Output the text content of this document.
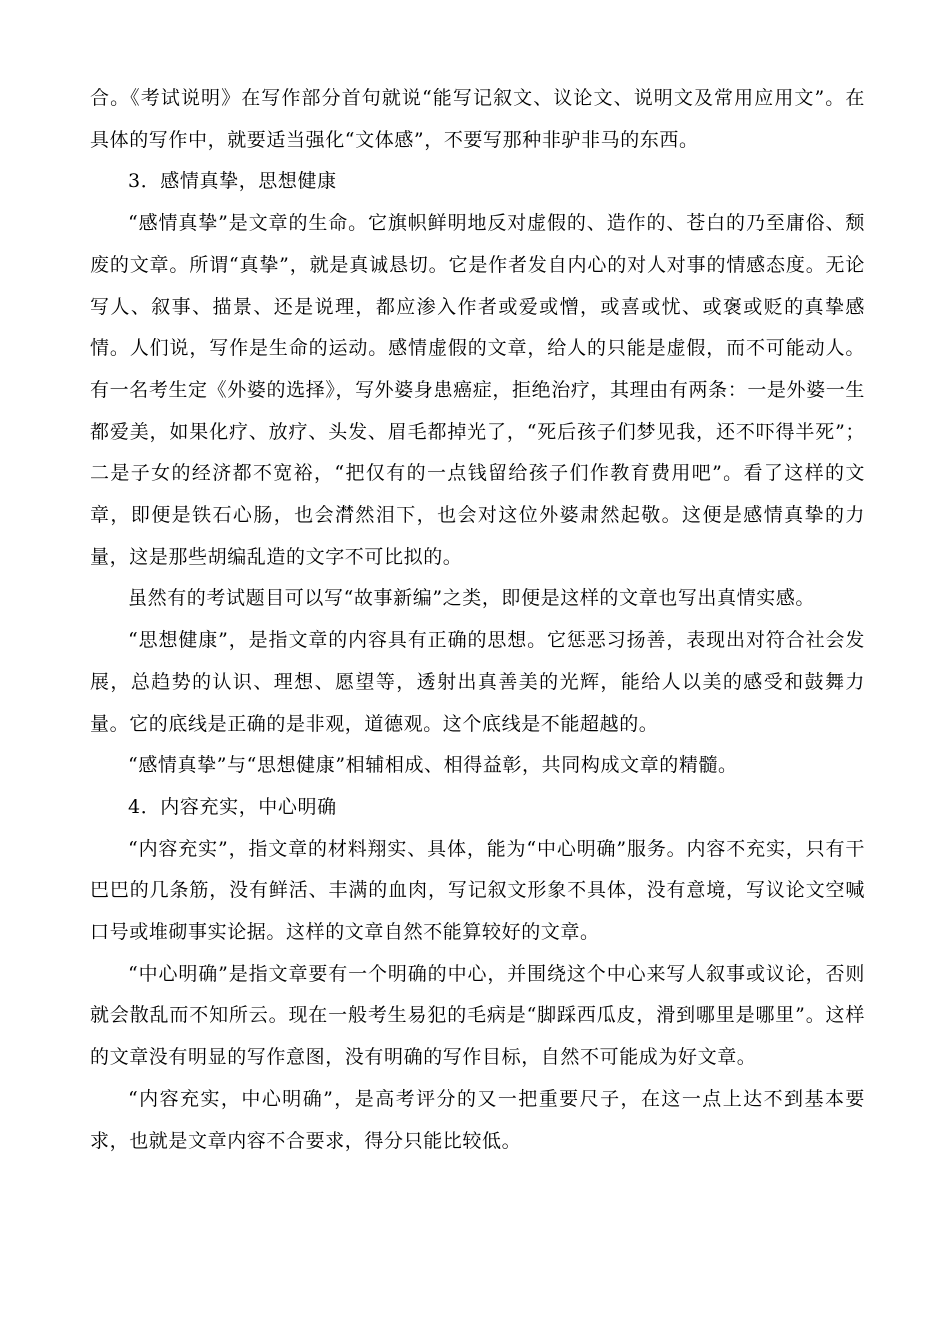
合。《考试说明》在写作部分首句就说“能写记叙文、议论文、说明文及常用应用文”。在具体的写作中，就要适当强化“文体感”，不要写那种非驴非马的东西。

3．感情真挚，思想健康

“感情真挚”是文章的生命。它旗帜鲜明地反对虚假的、造作的、苍白的乃至庸俗、颓废的文章。所谓“真挚”，就是真诚恳切。它是作者发自内心的对人对事的情感态度。无论写人、叙事、描景、还是说理，都应渗入作者或爱或憎，或喜或忧、或褒或贬的真挚感情。人们说，写作是生命的运动。感情虚假的文章，给人的只能是虚假，而不可能动人。有一名考生定《外婆的选择》，写外婆身患癌症，拒绝治疗，其理由有两条：一是外婆一生都爱美，如果化疗、放疗、头发、眉毛都掉光了，“死后孩子们梦见我，还不吓得半死”；二是子女的经济都不宽裕，“把仅有的一点钱留给孩子们作教育费用吧”。看了这样的文章，即便是铁石心肠，也会潸然泪下，也会对这位外婆肃然起敬。这便是感情真挚的力量，这是那些胡编乱造的文字不可比拟的。

虽然有的考试题目可以写“故事新编”之类，即便是这样的文章也写出真情实感。

“思想健康”，是指文章的内容具有正确的思想。它惩恶习扬善，表现出对符合社会发展，总趋势的认识、理想、愿望等，透射出真善美的光辉，能给人以美的感受和鼓舞力量。它的底线是正确的是非观，道德观。这个底线是不能超越的。

“感情真挚”与“思想健康”相辅相成、相得益彰，共同构成文章的精髓。

4．内容充实，中心明确

“内容充实”，指文章的材料翔实、具体，能为“中心明确”服务。内容不充实，只有干巴巴的几条筋，没有鲜活、丰满的血肉，写记叙文形象不具体，没有意境，写议论文空喊口号或堆砌事实论据。这样的文章自然不能算较好的文章。

“中心明确”是指文章要有一个明确的中心，并围绕这个中心来写人叙事或议论，否则就会散乱而不知所云。现在一般考生易犯的毛病是“脚踩西瓜皮，滑到哪里是哪里”。这样的文章没有明显的写作意图，没有明确的写作目标，自然不可能成为好文章。

“内容充实，中心明确”，是高考评分的又一把重要尺子，在这一点上达不到基本要求，也就是文章内容不合要求，得分只能比较低。
